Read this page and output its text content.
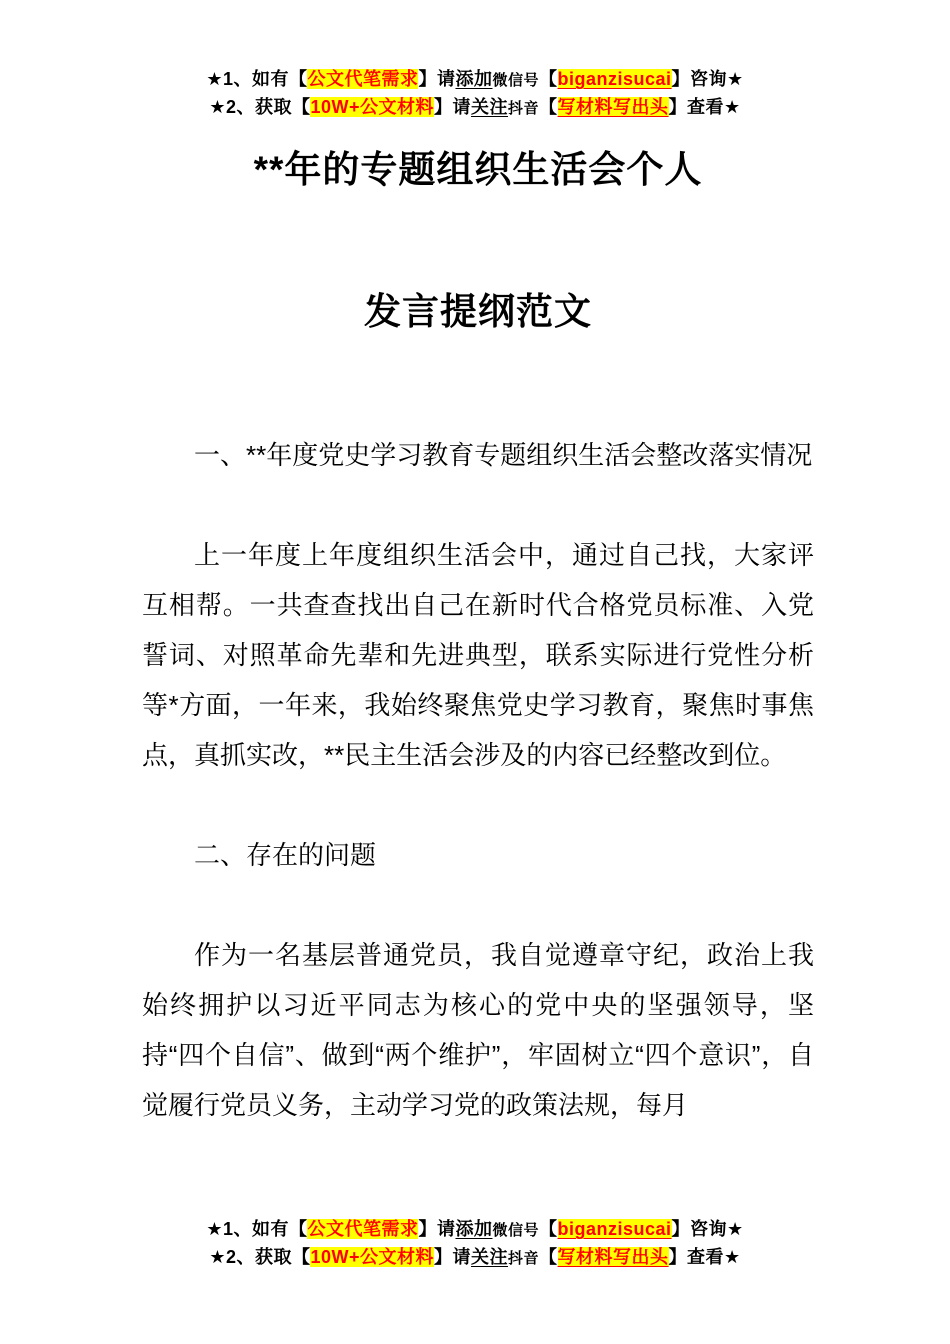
★1、如有【公文代笔需求】请添加微信号【biganzisucai】咨询★
★2、获取【10W+公文材料】请关注抖音【写材料写出头】查看★
**年的专题组织生活会个人
发言提纲范文

一、**年度党史学习教育专题组织生活会整改落实情况

上一年度上年度组织生活会中，通过自己找，大家评互相帮。一共查查找出自己在新时代合格党员标准、入党誓词、对照革命先辈和先进典型，联系实际进行党性分析等*方面，一年来，我始终聚焦党史学习教育，聚焦时事焦点，真抓实改，**民主生活会涉及的内容已经整改到位。

二、存在的问题

作为一名基层普通党员，我自觉遵章守纪，政治上我始终拥护以习近平同志为核心的党中央的坚强领导，坚持“四个自信”、做到“两个维护”，牢固树立“四个意识”，自觉履行党员义务，主动学习党的政策法规，每月

★1、如有【公文代笔需求】请添加微信号【biganzisucai】咨询★
★2、获取【10W+公文材料】请关注抖音【写材料写出头】查看★
